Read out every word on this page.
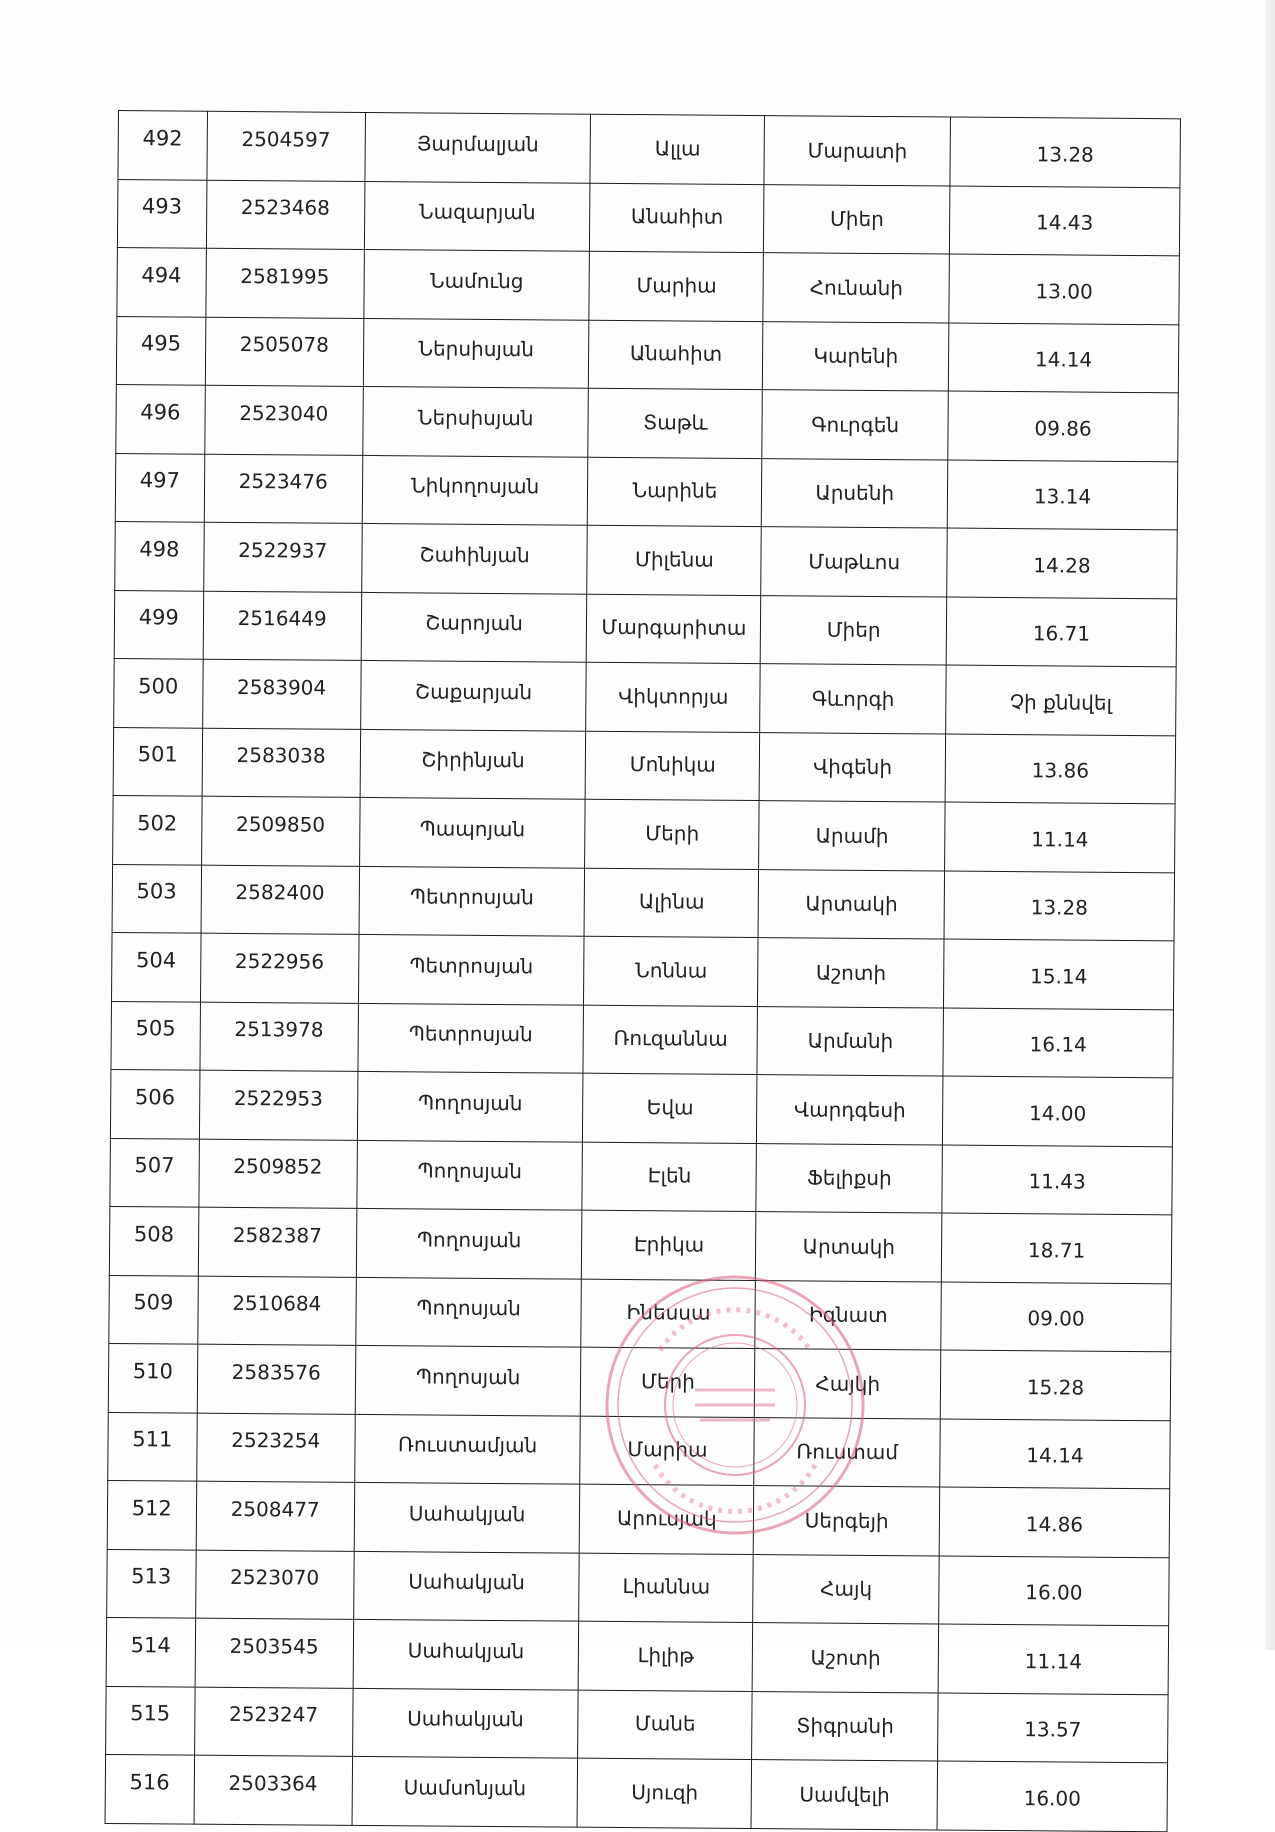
492	2504597	Յարմալյան	Ալլա	Մարատի	13.28
493	2523468	Նազարյան	Անահիտ	Միեր	14.43
494	2581995	Նամունց	Մարիա	Հունանի	13.00
495	2505078	Ներսիսյան	Անահիտ	Կարենի	14.14
496	2523040	Ներսիսյան	Տաթև	Գուրգեն	09.86
497	2523476	Նիկողոսյան	Նարինե	Արսենի	13.14
498	2522937	Շահինյան	Միլենա	Մաթևոս	14.28
499	2516449	Շարոյան	Մարգարիտա	Միեր	16.71
500	2583904	Շաքարյան	Վիկտորյա	Գևորգի	Չի քննվել
501	2583038	Շիրինյան	Մոնիկա	Վիգենի	13.86
502	2509850	Պապոյան	Մերի	Արամի	11.14
503	2582400	Պետրոսյան	Ալինա	Արտակի	13.28
504	2522956	Պետրոսյան	Նոննա	Աշոտի	15.14
505	2513978	Պետրոսյան	Ռուզաննա	Արմանի	16.14
506	2522953	Պողոսյան	Եվա	Վարդգեսի	14.00
507	2509852	Պողոսյան	Էլեն	Ֆելիքսի	11.43
508	2582387	Պողոսյան	Էրիկա	Արտակի	18.71
509	2510684	Պողոսյան	Ինեսսա	Իգնատ	09.00
510	2583576	Պողոսյան	Մերի	Հայկի	15.28
511	2523254	Ռուստամյան	Մարիա	Ռուստամ	14.14
512	2508477	Սահակյան	Արուսյակ	Սերգեյի	14.86
513	2523070	Սահակյան	Լիաննա	Հայկ	16.00
514	2503545	Սահակյան	Լիլիթ	Աշոտի	11.14
515	2523247	Սահակյան	Մանե	Տիգրանի	13.57
516	2503364	Սամսոնյան	Սյուզի	Սամվելի	16.00
